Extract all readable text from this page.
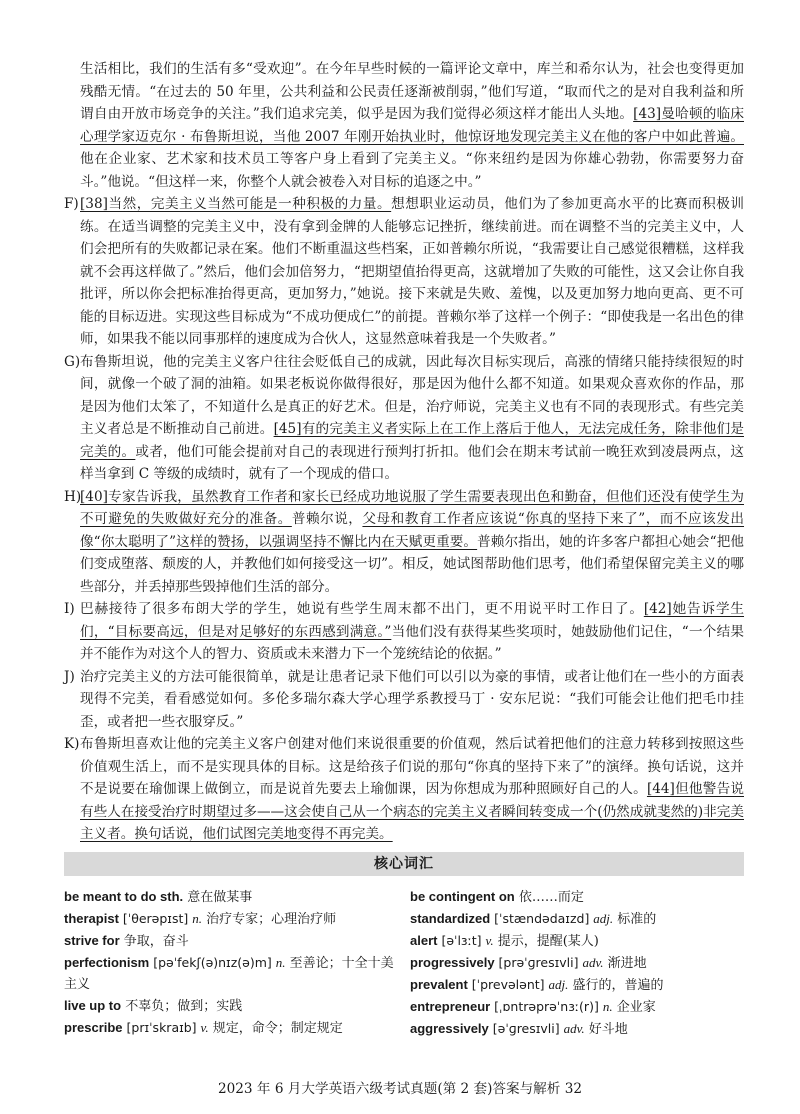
生活相比，我们的生活有多“受欢迎”。在今年早些时候的一篇评论文章中，库兰和希尔认为，社会也变得更加残酷无情。“在过去的 50 年里，公共利益和公民责任逐渐被削弱，”他们写道，“取而代之的是对自我利益和所谓自由开放市场竞争的关注。”我们追求完美，似乎是因为我们觉得必须这样才能出人头地。[43]曼哈顿的临床心理学家迈克尔 · 布鲁斯坦说，当他 2007 年刚开始执业时，他惊讶地发现完美主义在他的客户中如此普遍。他在企业家、艺术家和技术员工等客户身上看到了完美主义。“你来纽约是因为你雄心勃勃，你需要努力奋斗。”他说。“但这样一来，你整个人就会被卷入对目标的追逐之中。”

F) [38]当然，完美主义当然可能是一种积极的力量。想想职业运动员，他们为了参加更高水平的比赛而积极训练。在适当调整的完美主义中，没有拿到金牌的人能够忘记挫折，继续前进。而在调整不当的完美主义中，人们会把所有的失败都记录在案。他们不断重温这些档案，正如普赖尔所说，“我需要让自己感觉很糟糕，这样我就不会再这样做了。”然后，他们会加倍努力，“把期望值抬得更高，这就增加了失败的可能性，这又会让你自我批评，所以你会把标准抬得更高，更加努力，”她说。接下来就是失败、羞愧，以及更加努力地向更高、更不可能的目标迈进。实现这些目标成为“不成功便成仁”的前提。普赖尔举了这样一个例子：“即使我是一名出色的律师，如果我不能以同事那样的速度成为合伙人，这显然意味着我是一个失败者。”

G) 布鲁斯坦说，他的完美主义客户往往会贬低自己的成就，因此每次目标实现后，高涨的情绪只能持续很短的时间，就像一个破了洞的油箱。如果老板说你做得很好，那是因为他什么都不知道。如果观众喜欢你的作品，那是因为他们太笨了，不知道什么是真正的好艺术。但是，治疗师说，完美主义也有不同的表现形式。有些完美主义者总是不断推动自己前进。[45]有的完美主义者实际上在工作上落后于他人，无法完成任务，除非他们是完美的。或者，他们可能会提前对自己的表现进行预判打折扣。他们会在期末考试前一晚狂欢到凌晨两点，这样当拿到 C 等级的成绩时，就有了一个现成的借口。

H)
[40]专家告诉我，虽然教育工作者和家长已经成功地说服了学生需要表现出色和勤奋，但他们还没有使学生为不可避免的失败做好充分的准备。普赖尔说，父母和教育工作者应该说“你真的坚持下来了”，而不应该发出像“你太聪明了”这样的赞扬，以强调坚持不懈比内在天赋更重要。普赖尔指出，她的许多客户都担心她会“把他们变成堕落、颓废的人，并教他们如何接受这一切”。相反，她试图帮助他们思考，他们希望保留完美主义的哪些部分，并丢掉那些毁掉他们生活的部分。

I) 巴赫接待了很多布朗大学的学生，她说有些学生周末都不出门，更不用说平时工作日了。[42]她告诉学生们，“目标要高远，但是对足够好的东西感到满意。”当他们没有获得某些奖项时，她鼓励他们记住，“一个结果并不能作为对这个人的智力、资质或未来潜力下一个笼统结论的依据。”

J) 治疗完美主义的方法可能很简单，就是让患者记录下他们可以引以为豪的事情，或者让他们在一些小的方面表现得不完美，看看感觉如何。多伦多瑞尔森大学心理学系教授马丁 · 安东尼说：“我们可能会让他们把毛巾挂歪，或者把一些衣服穿反。”

K) 布鲁斯坦喜欢让他的完美主义客户创建对他们来说很重要的价值观，然后试着把他们的注意力转移到按照这些价值观生活上，而不是实现具体的目标。这是给孩子们说的那句“你真的坚持下来了”的演绎。换句话说，这并不是说要在瑜伽课上做倒立，而是说首先要去上瑜伽课，因为你想成为那种照顾好自己的人。[44]但他警告说有些人在接受治疗时期望过多——这会使自己从一个病态的完美主义者瞬间转变成一个(仍然成就斐然的)非完美主义者。换句话说，他们试图完美地变得不再完美。

核心词汇
be meant to do sth. 意在做某事
therapist [ˈθerəpɪst] n. 治疗专家；心理治疗师
strive for 争取，奋斗
perfectionism [pəˈfekʃ(ə)nɪz(ə)m] n. 至善论；十全十美主义
live up to 不辜负；做到；实践
prescribe [prɪˈskraɪb] v. 规定，命令；制定规定
be contingent on 依……而定
standardized [ˈstændədaɪzd] adj. 标准的
alert [əˈlɜːt] v. 提示，提醒(某人)
progressively [prəˈɡresɪvli] adv. 渐进地
prevalent [ˈprevələnt] adj. 盛行的，普遍的
entrepreneur [ˌɒntrəprəˈnɜː(r)] n. 企业家
aggressively [əˈɡresɪvli] adv. 好斗地
2023 年 6 月大学英语六级考试真题(第 2 套)答案与解析 32
